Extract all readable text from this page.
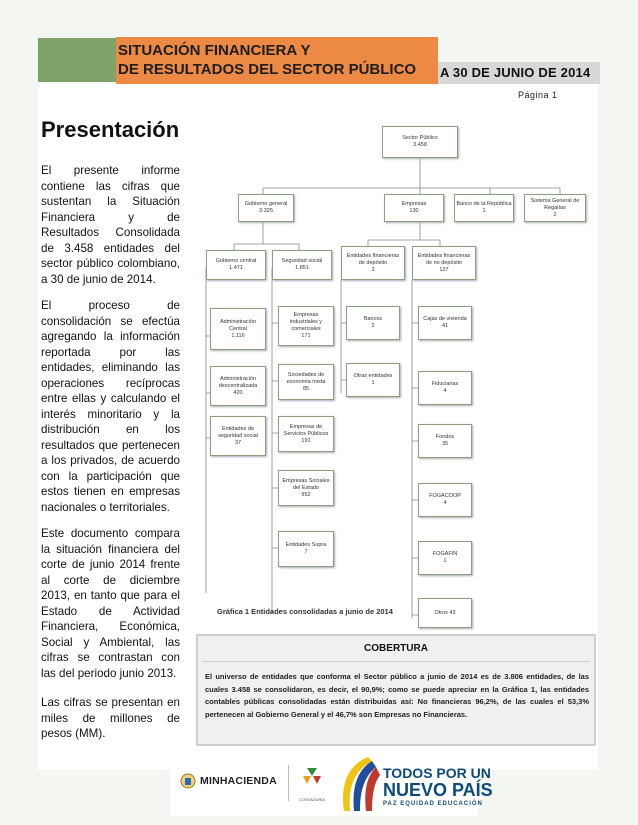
SITUACIÓN FINANCIERA Y
DE RESULTADOS DEL SECTOR PÚBLICO A 30 DE JUNIO DE 2014
Página 1
Presentación
El presente informe contiene las cifras que sustentan la Situación Financiera y de Resultados Consolidada de 3.458 entidades del sector público colombiano, a 30 de junio de 2014.
El proceso de consolidación se efectúa agregando la información reportada por las entidades, eliminando las operaciones recíprocas entre ellas y calculando el interés minoritario y la distribución en los resultados que pertenecen a los privados, de acuerdo con la participación que estos tienen en empresas nacionales o territoriales.
Este documento compara la situación financiera del corte de junio 2014 frente al corte de diciembre 2013, en tanto que para el Estado de Actividad Financiera, Económica, Social y Ambiental, las cifras se contrastan con las del periodo junio 2013.
Las cifras se presentan en miles de millones de pesos (MM).
Sector Público
3.458
Gobierno general
3.325
Empresas
130
Banco de la República
1
Sistema General de Regalías
2
Gobierno central
1.471
Seguridad social
1.851
Entidades financieras de depósito
3
Entidades financieras de no depósito
127
Administración Central
1.116
Administración descentralizada
420
Entidades de seguridad social
37
Empresas industriales y comerciales
171
Sociedades de economía mixta
85
Empresas de Servicios Públicos
191
Empresas Sociales del Estado
952
Entidades Supra
7
Bancos
2
Otras entidades
1
Cajas de vivienda
41
Fiduciarias
4
Fondos
35
FOGACOOP
4
FOGAFIN
1
Otros 43
Gráfica 1 Entidades consolidadas a junio de 2014
COBERTURA
El universo de entidades que conforma el Sector público a junio de 2014 es de 3.806 entidades, de las cuales 3.458 se consolidaron, es decir, el 90,9%; como se puede apreciar en la Gráfica 1, las entidades contables públicas consolidadas están distribuidas así: No financieras 96,2%, de las cuales el 53,3% pertenecen al Gobierno General y el 46,7% son Empresas no Financieras.
MINHACIENDA
CONTADURÍA
TODOS POR UN
NUEVO PAÍS
PAZ EQUIDAD EDUCACIÓN
